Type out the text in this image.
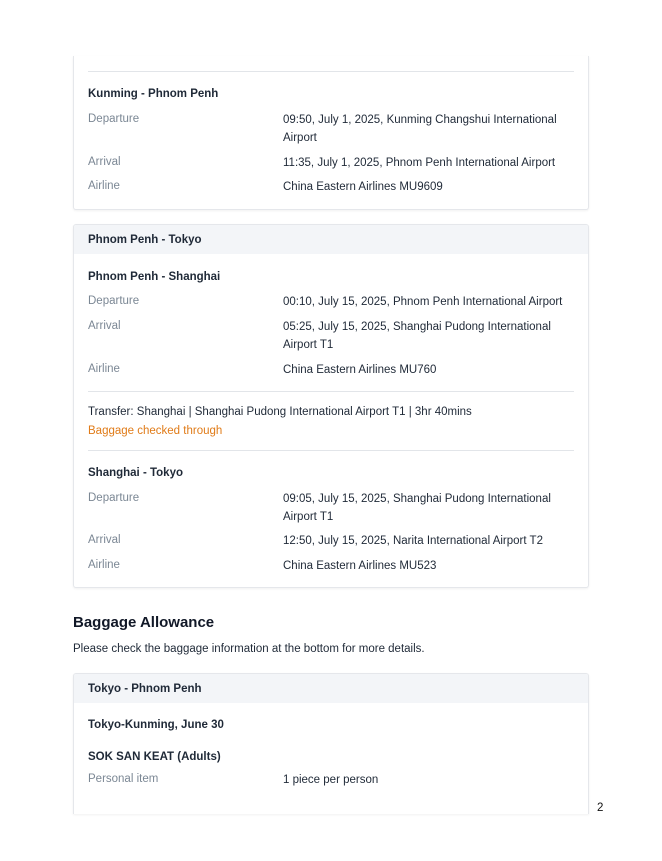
Kunming - Phnom Penh
Departure	09:50, July 1, 2025, Kunming Changshui International Airport
Arrival	11:35, July 1, 2025, Phnom Penh International Airport
Airline	China Eastern Airlines MU9609
Phnom Penh - Tokyo
Phnom Penh - Shanghai
Departure	00:10, July 15, 2025, Phnom Penh International Airport
Arrival	05:25, July 15, 2025, Shanghai Pudong International Airport T1
Airline	China Eastern Airlines MU760
Transfer: Shanghai | Shanghai Pudong International Airport T1 | 3hr 40mins
Baggage checked through
Shanghai - Tokyo
Departure	09:05, July 15, 2025, Shanghai Pudong International Airport T1
Arrival	12:50, July 15, 2025, Narita International Airport T2
Airline	China Eastern Airlines MU523
Baggage Allowance
Please check the baggage information at the bottom for more details.
Tokyo - Phnom Penh
Tokyo-Kunming, June 30
SOK SAN KEAT (Adults)
Personal item	1 piece per person
2
